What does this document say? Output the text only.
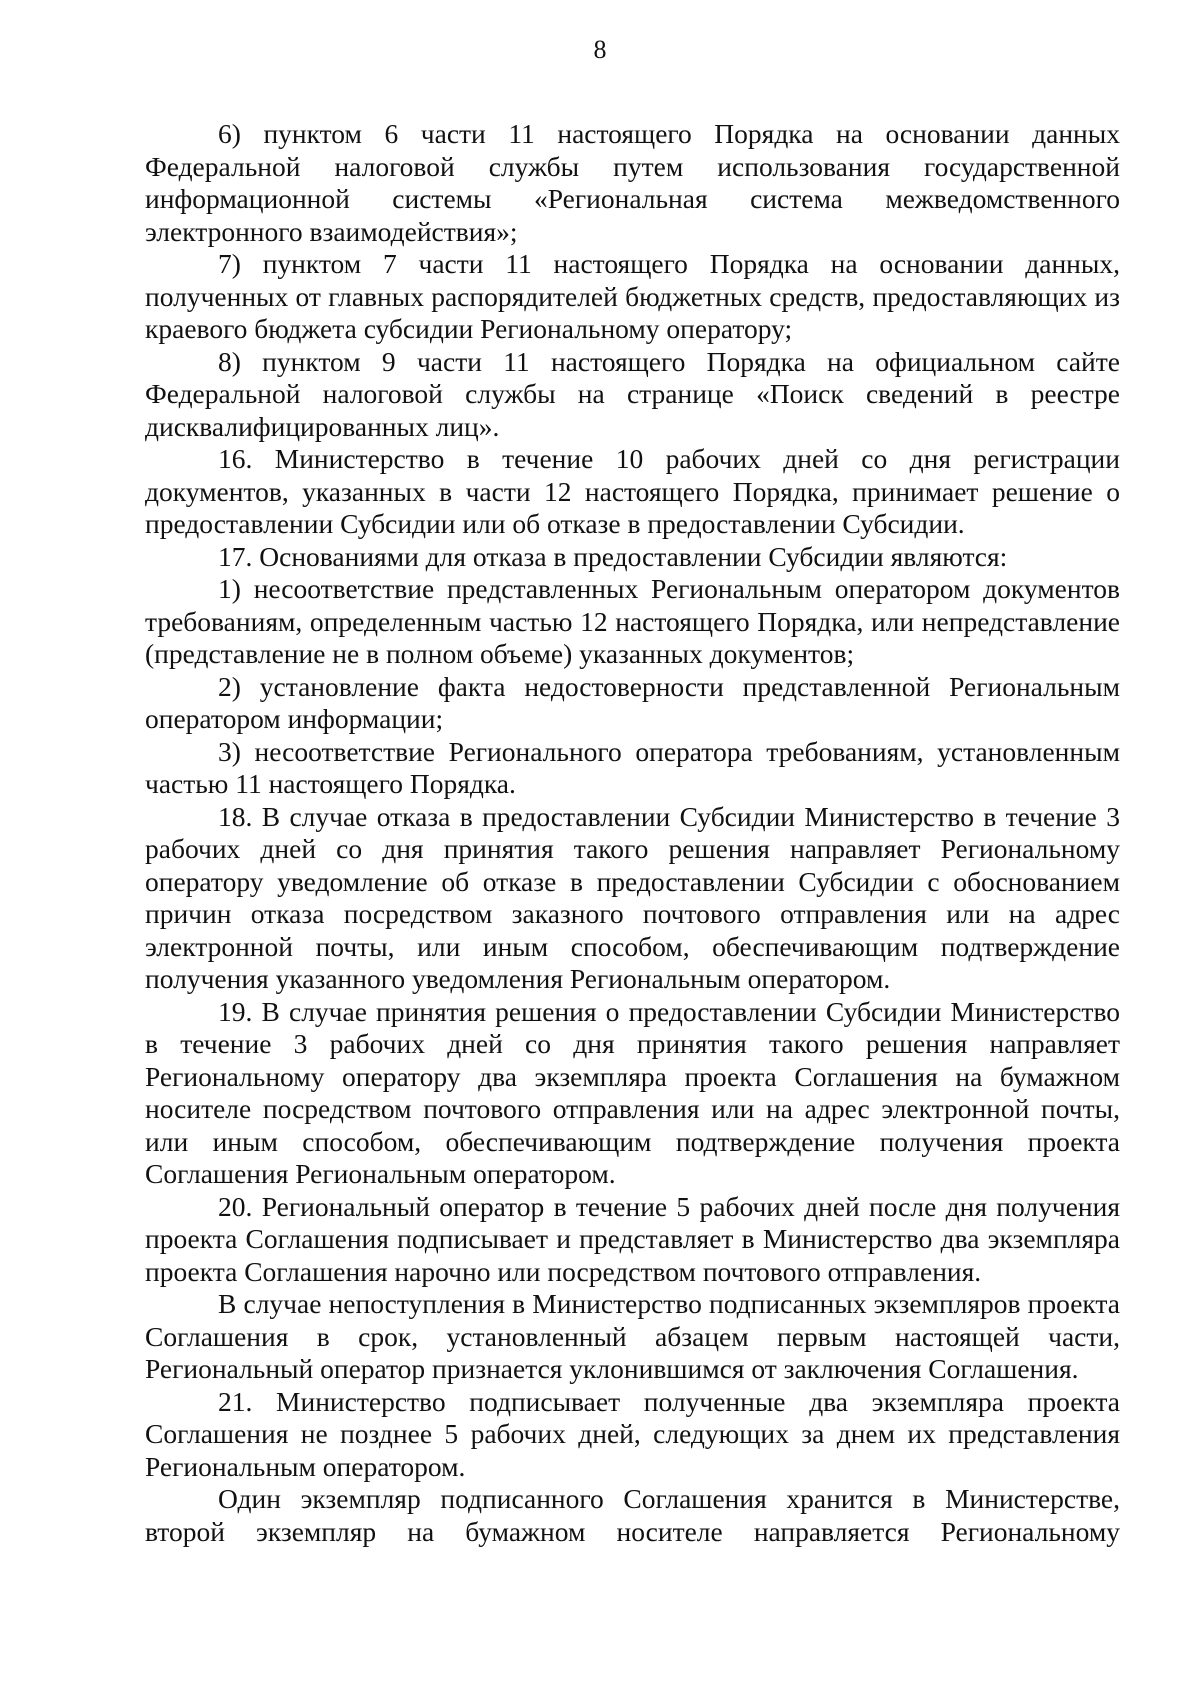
8

6) пунктом 6 части 11 настоящего Порядка на основании данных Федеральной налоговой службы путем использования государственной информационной системы «Региональная система межведомственного электронного взаимодействия»;

7) пунктом 7 части 11 настоящего Порядка на основании данных, полученных от главных распорядителей бюджетных средств, предоставляющих из краевого бюджета субсидии Региональному оператору;

8) пунктом 9 части 11 настоящего Порядка на официальном сайте Федеральной налоговой службы на странице «Поиск сведений в реестре дисквалифицированных лиц».

16. Министерство в течение 10 рабочих дней со дня регистрации документов, указанных в части 12 настоящего Порядка, принимает решение о предоставлении Субсидии или об отказе в предоставлении Субсидии.

17. Основаниями для отказа в предоставлении Субсидии являются:

1) несоответствие представленных Региональным оператором документов требованиям, определенным частью 12 настоящего Порядка, или непредставление (представление не в полном объеме) указанных документов;

2) установление факта недостоверности представленной Региональным оператором информации;

3) несоответствие Регионального оператора требованиям, установленным частью 11 настоящего Порядка.

18. В случае отказа в предоставлении Субсидии Министерство в течение 3 рабочих дней со дня принятия такого решения направляет Региональному оператору уведомление об отказе в предоставлении Субсидии с обоснованием причин отказа посредством заказного почтового отправления или на адрес электронной почты, или иным способом, обеспечивающим подтверждение получения указанного уведомления Региональным оператором.

19. В случае принятия решения о предоставлении Субсидии Министерство в течение 3 рабочих дней со дня принятия такого решения направляет Региональному оператору два экземпляра проекта Соглашения на бумажном носителе посредством почтового отправления или на адрес электронной почты, или иным способом, обеспечивающим подтверждение получения проекта Соглашения Региональным оператором.

20. Региональный оператор в течение 5 рабочих дней после дня получения проекта Соглашения подписывает и представляет в Министерство два экземпляра проекта Соглашения нарочно или посредством почтового отправления.

В случае непоступления в Министерство подписанных экземпляров проекта Соглашения в срок, установленный абзацем первым настоящей части, Региональный оператор признается уклонившимся от заключения Соглашения.

21. Министерство подписывает полученные два экземпляра проекта Соглашения не позднее 5 рабочих дней, следующих за днем их представления Региональным оператором.

Один экземпляр подписанного Соглашения хранится в Министерстве, второй экземпляр на бумажном носителе направляется Региональному
